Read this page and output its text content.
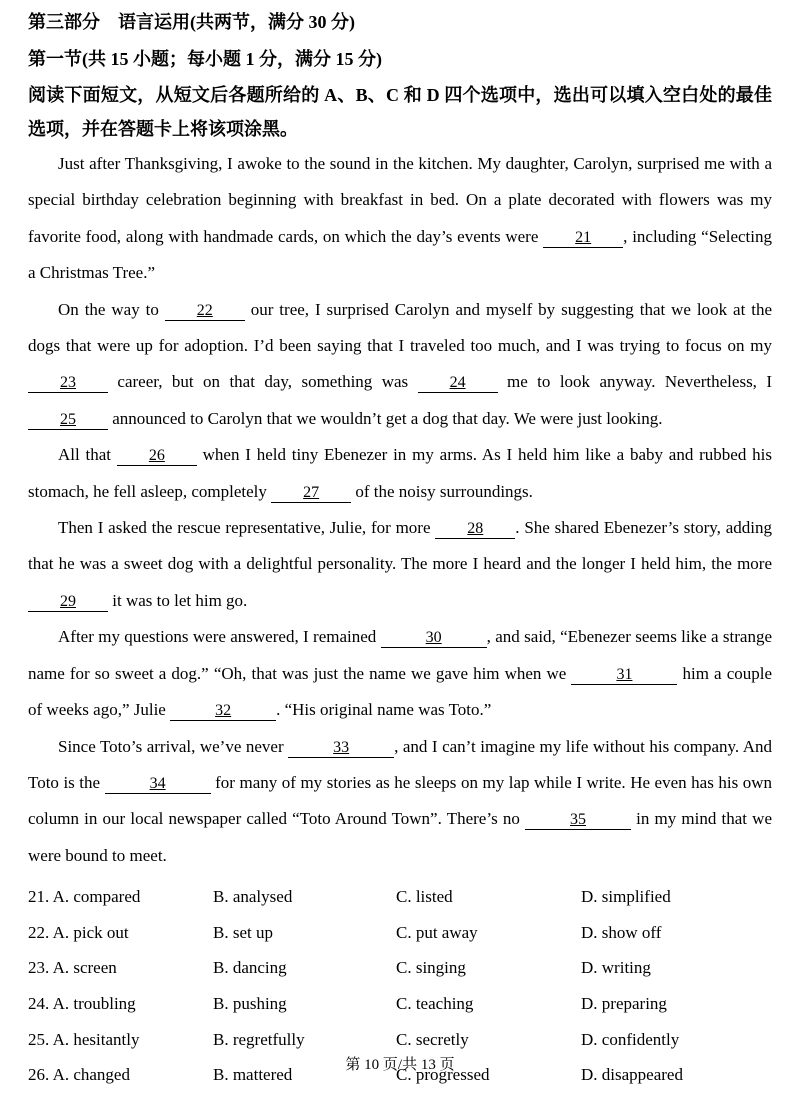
第三部分　语言运用(共两节，满分 30 分)

第一节(共 15 小题；每小题 1 分，满分 15 分)

阅读下面短文，从短文后各题所给的 A、B、C 和 D 四个选项中，选出可以填入空白处的最佳选项，并在答题卡上将该项涂黑。

Just after Thanksgiving, I awoke to the sound in the kitchen. My daughter, Carolyn, surprised me with a special birthday celebration beginning with breakfast in bed. On a plate decorated with flowers was my favorite food, along with handmade cards, on which the day’s events were 21 , including “Selecting a Christmas Tree.”

On the way to 22 our tree, I surprised Carolyn and myself by suggesting that we look at the dogs that were up for adoption. I’d been saying that I traveled too much, and I was trying to focus on my 23 career, but on that day, something was 24 me to look anyway. Nevertheless, I 25 announced to Carolyn that we wouldn’t get a dog that day. We were just looking.

All that 26 when I held tiny Ebenezer in my arms. As I held him like a baby and rubbed his stomach, he fell asleep, completely 27 of the noisy surroundings.

Then I asked the rescue representative, Julie, for more 28 . She shared Ebenezer’s story, adding that he was a sweet dog with a delightful personality. The more I heard and the longer I held him, the more 29 it was to let him go.

After my questions were answered, I remained	30	, and said, “Ebenezer seems like a strange name for so sweet a dog.” “Oh, that was just the name we gave him when we	31	him a couple of weeks ago,” Julie	32	. “His original name was Toto.”

Since Toto’s arrival, we’ve never	33	, and I can’t imagine my life without his company. And Toto is the	34	for many of my stories as he sleeps on my lap while I write. He even has his own column in our local newspaper called “Toto Around Town”. There’s no	35	in my mind that we were bound to meet.

21. A. compared	B. analysed	C. listed	D. simplified
22. A. pick out	B. set up	C. put away	D. show off
23. A. screen	B. dancing	C. singing	D. writing
24. A. troubling	B. pushing	C. teaching	D. preparing
25. A. hesitantly	B. regretfully	C. secretly	D. confidently
26. A. changed	B. mattered	C. progressed	D. disappeared
第 10 页/共 13 页
